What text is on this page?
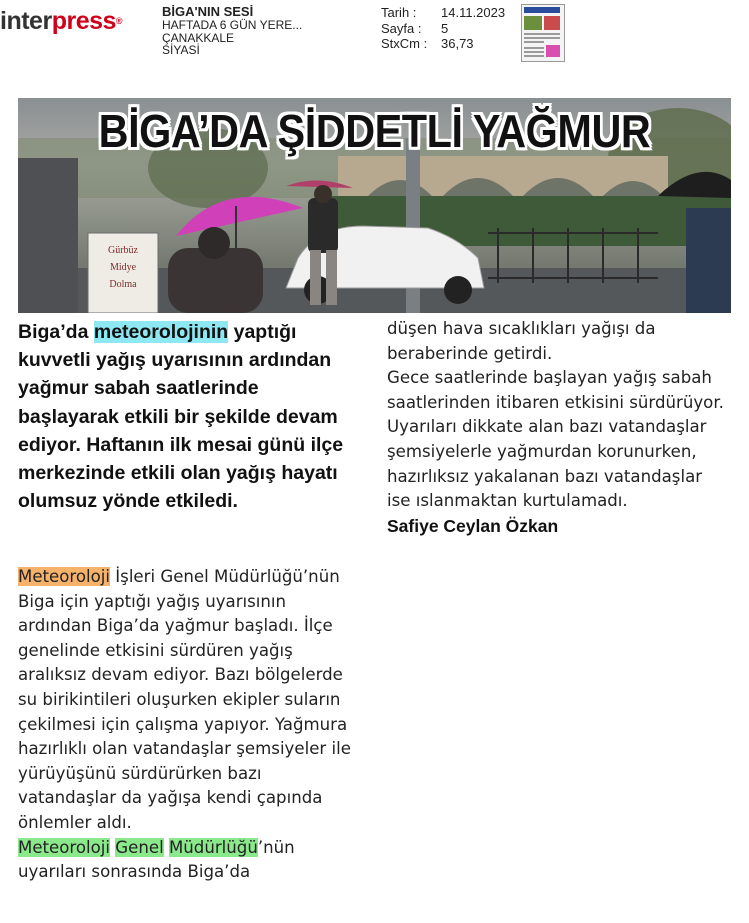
interpress®
BİGA'NIN SESİ
HAFTADA 6 GÜN YERE...
ÇANAKKALE
SİYASİ
Tarih :	14.11.2023
Sayfa :	5
StxCm :	36,73
Gürbüz
Midye
Dolma
BİGA’DA ŞİDDETLİ YAĞMUR
Biga’da meteorolojinin yaptığı kuvvetli yağış uyarısının ardından yağmur sabah saatlerinde başlayarak etkili bir şekilde devam ediyor. Haftanın ilk mesai günü ilçe merkezinde etkili olan yağış hayatı olumsuz yönde etkiledi.

Meteoroloji İşleri Genel Müdürlüğü’nün Biga için yaptığı yağış uyarısının ardından Biga’da yağmur başladı. İlçe genelinde etkisini sürdüren yağış aralıksız devam ediyor. Bazı bölgelerde su birikintileri oluşurken ekipler suların çekilmesi için çalışma yapıyor. Yağmura hazırlıklı olan vatandaşlar şemsiyeler ile yürüyüşünü sürdürürken bazı vatandaşlar da yağışa kendi çapında önlemler aldı.

Meteoroloji Genel Müdürlüğü’nün uyarıları sonrasında Biga’da

düşen hava sıcaklıkları yağışı da beraberinde getirdi.

Gece saatlerinde başlayan yağış sabah saatlerinden itibaren etkisini sürdürüyor. Uyarıları dikkate alan bazı vatandaşlar şemsiyelerle yağmurdan korunurken, hazırlıksız yakalanan bazı vatandaşlar ise ıslanmaktan kurtulamadı.

Safiye Ceylan Özkan
